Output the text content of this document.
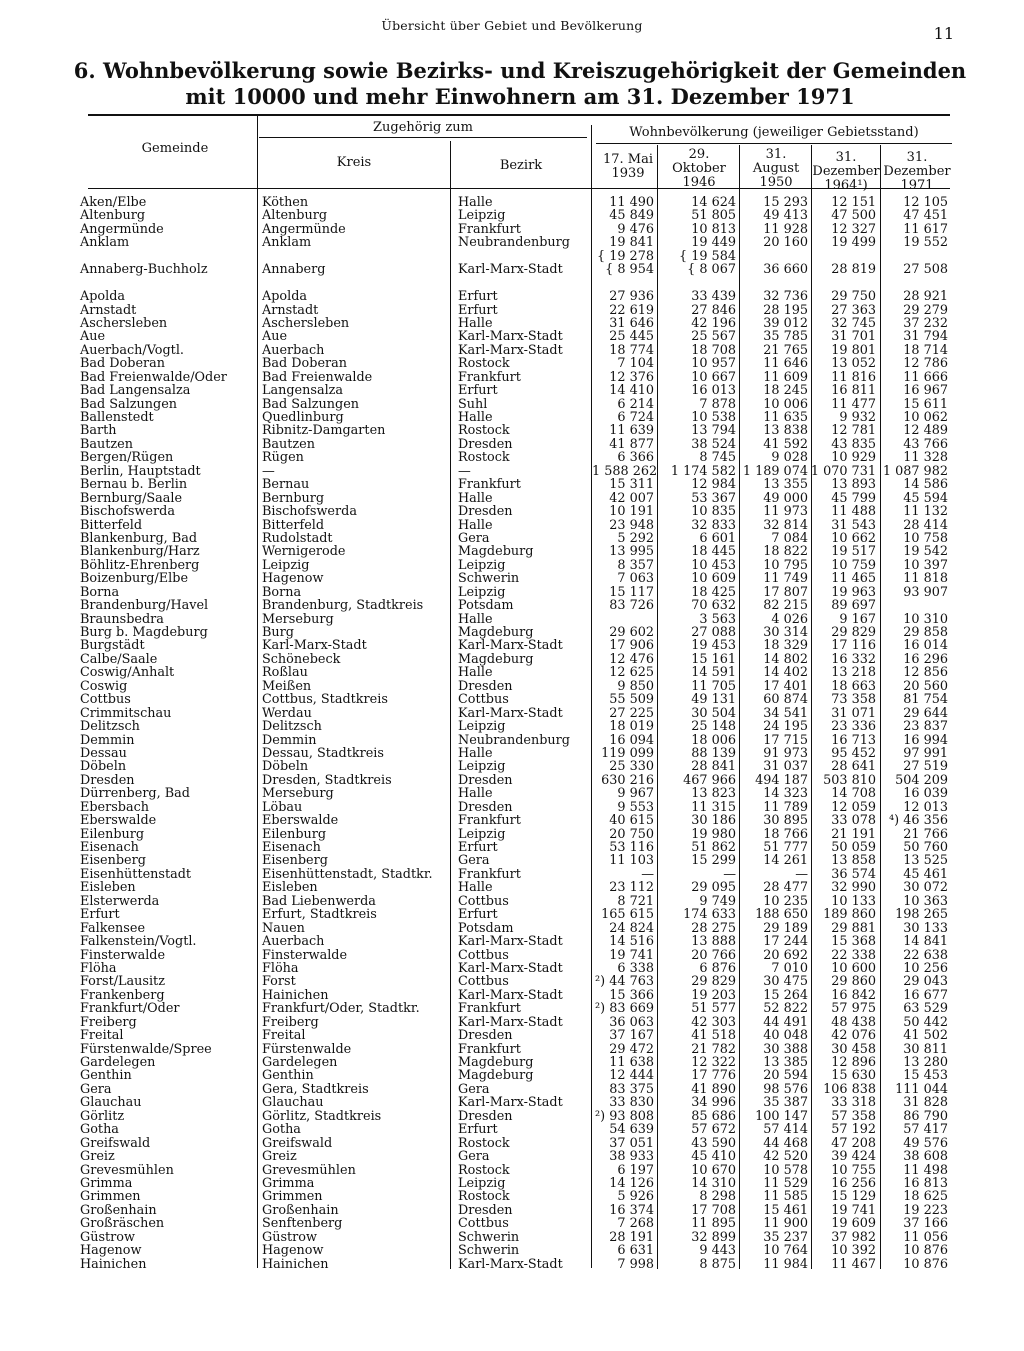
Übersicht über Gebiet und Bevölkerung	11
6. Wohnbevölkerung sowie Bezirks- und Kreiszugehörigkeit der Gemeinden
mit 10000 und mehr Einwohnern am 31. Dezember 1971
Gemeinde
Zugehörig zum
Kreis	Bezirk
Wohnbevölkerung (jeweiliger Gebietsstand)
17. Mai 1939
29. Oktober 1946
31. August 1950
31. Dezember 1964¹)
31. Dezember 1971
Aken/Elbe
Altenburg
Angermünde
Anklam
Annaberg-Buchholz
Apolda
Arnstadt
Aschersleben
Aue
Auerbach/Vogtl.
Bad Doberan
Bad Freienwalde/Oder
Bad Langensalza
Bad Salzungen
Ballenstedt
Barth
Bautzen
Bergen/Rügen
Berlin, Hauptstadt
Bernau b. Berlin
Bernburg/Saale
Bischofswerda
Bitterfeld
Blankenburg, Bad
Blankenburg/Harz
Böhlitz-Ehrenberg
Boizenburg/Elbe
Borna
Brandenburg/Havel
Braunsbedra
Burg b. Magdeburg
Burgstädt
Calbe/Saale
Coswig/Anhalt
Coswig
Cottbus
Crimmitschau
Delitzsch
Demmin
Dessau
Döbeln
Dresden
Dürrenberg, Bad
Ebersbach
Eberswalde
Eilenburg
Eisenach
Eisenberg
Eisenhüttenstadt
Eisleben
Elsterwerda
Erfurt
Falkensee
Falkenstein/Vogtl.
Finsterwalde
Flöha
Forst/Lausitz
Frankenberg
Frankfurt/Oder
Freiberg
Freital
Fürstenwalde/Spree
Gardelegen
Genthin
Gera
Glauchau
Görlitz
Gotha
Greifswald
Greiz
Grevesmühlen
Grimma
Grimmen
Großenhain
Großräschen
Güstrow
Hagenow
Hainichen
Köthen
Altenburg
Angermünde
Anklam
Annaberg
Apolda
Arnstadt
Aschersleben
Aue
Auerbach
Bad Doberan
Bad Freienwalde
Langensalza
Bad Salzungen
Quedlinburg
Ribnitz-Damgarten
Bautzen
Rügen
—
Bernau
Bernburg
Bischofswerda
Bitterfeld
Rudolstadt
Wernigerode
Leipzig
Hagenow
Borna
Brandenburg, Stadtkreis
Merseburg
Burg
Karl-Marx-Stadt
Schönebeck
Roßlau
Meißen
Cottbus, Stadtkreis
Werdau
Delitzsch
Demmin
Dessau, Stadtkreis
Döbeln
Dresden, Stadtkreis
Merseburg
Löbau
Eberswalde
Eilenburg
Eisenach
Eisenberg
Eisenhüttenstadt, Stadtkr.
Eisleben
Bad Liebenwerda
Erfurt, Stadtkreis
Nauen
Auerbach
Finsterwalde
Flöha
Forst
Hainichen
Frankfurt/Oder, Stadtkr.
Freiberg
Freital
Fürstenwalde
Gardelegen
Genthin
Gera, Stadtkreis
Glauchau
Görlitz, Stadtkreis
Gotha
Greifswald
Greiz
Grevesmühlen
Grimma
Grimmen
Großenhain
Senftenberg
Güstrow
Hagenow
Hainichen
Halle
Leipzig
Frankfurt
Neubrandenburg
Karl-Marx-Stadt
Erfurt
Erfurt
Halle
Karl-Marx-Stadt
Karl-Marx-Stadt
Rostock
Frankfurt
Erfurt
Suhl
Halle
Rostock
Dresden
Rostock
—
Frankfurt
Halle
Dresden
Halle
Gera
Magdeburg
Leipzig
Schwerin
Leipzig
Potsdam
Halle
Magdeburg
Karl-Marx-Stadt
Magdeburg
Halle
Dresden
Cottbus
Karl-Marx-Stadt
Leipzig
Neubrandenburg
Halle
Leipzig
Dresden
Halle
Dresden
Frankfurt
Leipzig
Erfurt
Gera
Frankfurt
Halle
Cottbus
Erfurt
Potsdam
Karl-Marx-Stadt
Cottbus
Karl-Marx-Stadt
Cottbus
Karl-Marx-Stadt
Frankfurt
Karl-Marx-Stadt
Dresden
Frankfurt
Magdeburg
Magdeburg
Gera
Karl-Marx-Stadt
Dresden
Erfurt
Rostock
Gera
Rostock
Leipzig
Rostock
Dresden
Cottbus
Schwerin
Schwerin
Karl-Marx-Stadt
11 490
45 849
9 476
19 841
{ 19 278
{ 8 954
27 936
22 619
31 646
25 445
18 774
7 104
12 376
14 410
6 214
6 724
11 639
41 877
6 366
1 588 262
15 311
42 007
10 191
23 948
5 292
13 995
8 357
7 063
15 117
83 726
29 602
17 906
12 476
12 625
9 850
55 509
27 225
18 019
16 094
119 099
25 330
630 216
9 967
9 553
40 615
20 750
53 116
11 103
—
23 112
8 721
165 615
24 824
14 516
19 741
6 338
²) 44 763
15 366
²) 83 669
36 063
37 167
29 472
11 638
12 444
83 375
33 830
²) 93 808
54 639
37 051
38 933
6 197
14 126
5 926
16 374
7 268
28 191
6 631
7 998
14 624
51 805
10 813
19 449
{ 19 584
{ 8 067
33 439
27 846
42 196
25 567
18 708
10 957
10 667
16 013
7 878
10 538
13 794
38 524
8 745
1 174 582
12 984
53 367
10 835
32 833
6 601
18 445
10 453
10 609
18 425
70 632
3 563
27 088
19 453
15 161
14 591
11 705
49 131
30 504
25 148
18 006
88 139
28 841
467 966
13 823
11 315
30 186
19 980
51 862
15 299
—
29 095
9 749
174 633
28 275
13 888
20 766
6 876
29 829
19 203
51 577
42 303
41 518
21 782
12 322
17 776
41 890
34 996
85 686
57 672
43 590
45 410
10 670
14 310
8 298
17 708
11 895
32 899
9 443
8 875
15 293
49 413
11 928
20 160
36 660
32 736
28 195
39 012
35 785
21 765
11 646
11 609
18 245
10 006
11 635
13 838
41 592
9 028
1 189 074
13 355
49 000
11 973
32 814
7 084
18 822
10 795
11 749
17 807
82 215
4 026
30 314
18 329
14 802
14 402
17 401
60 874
34 541
24 195
17 715
91 973
31 037
494 187
14 323
11 789
30 895
18 766
51 777
14 261
—
28 477
10 235
188 650
29 189
17 244
20 692
7 010
30 475
15 264
52 822
44 491
40 048
30 388
13 385
20 594
98 576
35 387
100 147
57 414
44 468
42 520
10 578
11 529
11 585
15 461
11 900
35 237
10 764
11 984
12 151
47 500
12 327
19 499
28 819
29 750
27 363
32 745
31 701
19 801
13 052
11 816
16 811
11 477
9 932
12 781
43 835
10 929
1 070 731
13 893
45 799
11 488
31 543
10 662
19 517
10 759
11 465
19 963
89 697
9 167
29 829
17 116
16 332
13 218
18 663
73 358
31 071
23 336
16 713
95 452
28 641
503 810
14 708
12 059
33 078
21 191
50 059
13 858
36 574
32 990
10 133
189 860
29 881
15 368
22 338
10 600
29 860
16 842
57 975
48 438
42 076
30 458
12 896
15 630
106 838
33 318
57 358
57 192
47 208
39 424
10 755
16 256
15 129
19 741
19 609
37 982
10 392
11 467
12 105
47 451
11 617
19 552
27 508
28 921
29 279
37 232
31 794
18 714
12 786
11 666
16 967
15 611
10 062
12 489
43 766
11 328
1 087 982
14 586
45 594
11 132
28 414
10 758
19 542
10 397
11 818
93 907
10 310
29 858
16 014
16 296
12 856
20 560
81 754
29 644
23 837
16 994
97 991
27 519
504 209
16 039
12 013
⁴) 46 356
21 766
50 760
13 525
45 461
30 072
10 363
198 265
30 133
14 841
22 638
10 256
29 043
16 677
63 529
50 442
41 502
30 811
13 280
15 453
111 044
31 828
86 790
57 417
49 576
38 608
11 498
16 813
18 625
19 223
37 166
11 056
10 876
10 876
